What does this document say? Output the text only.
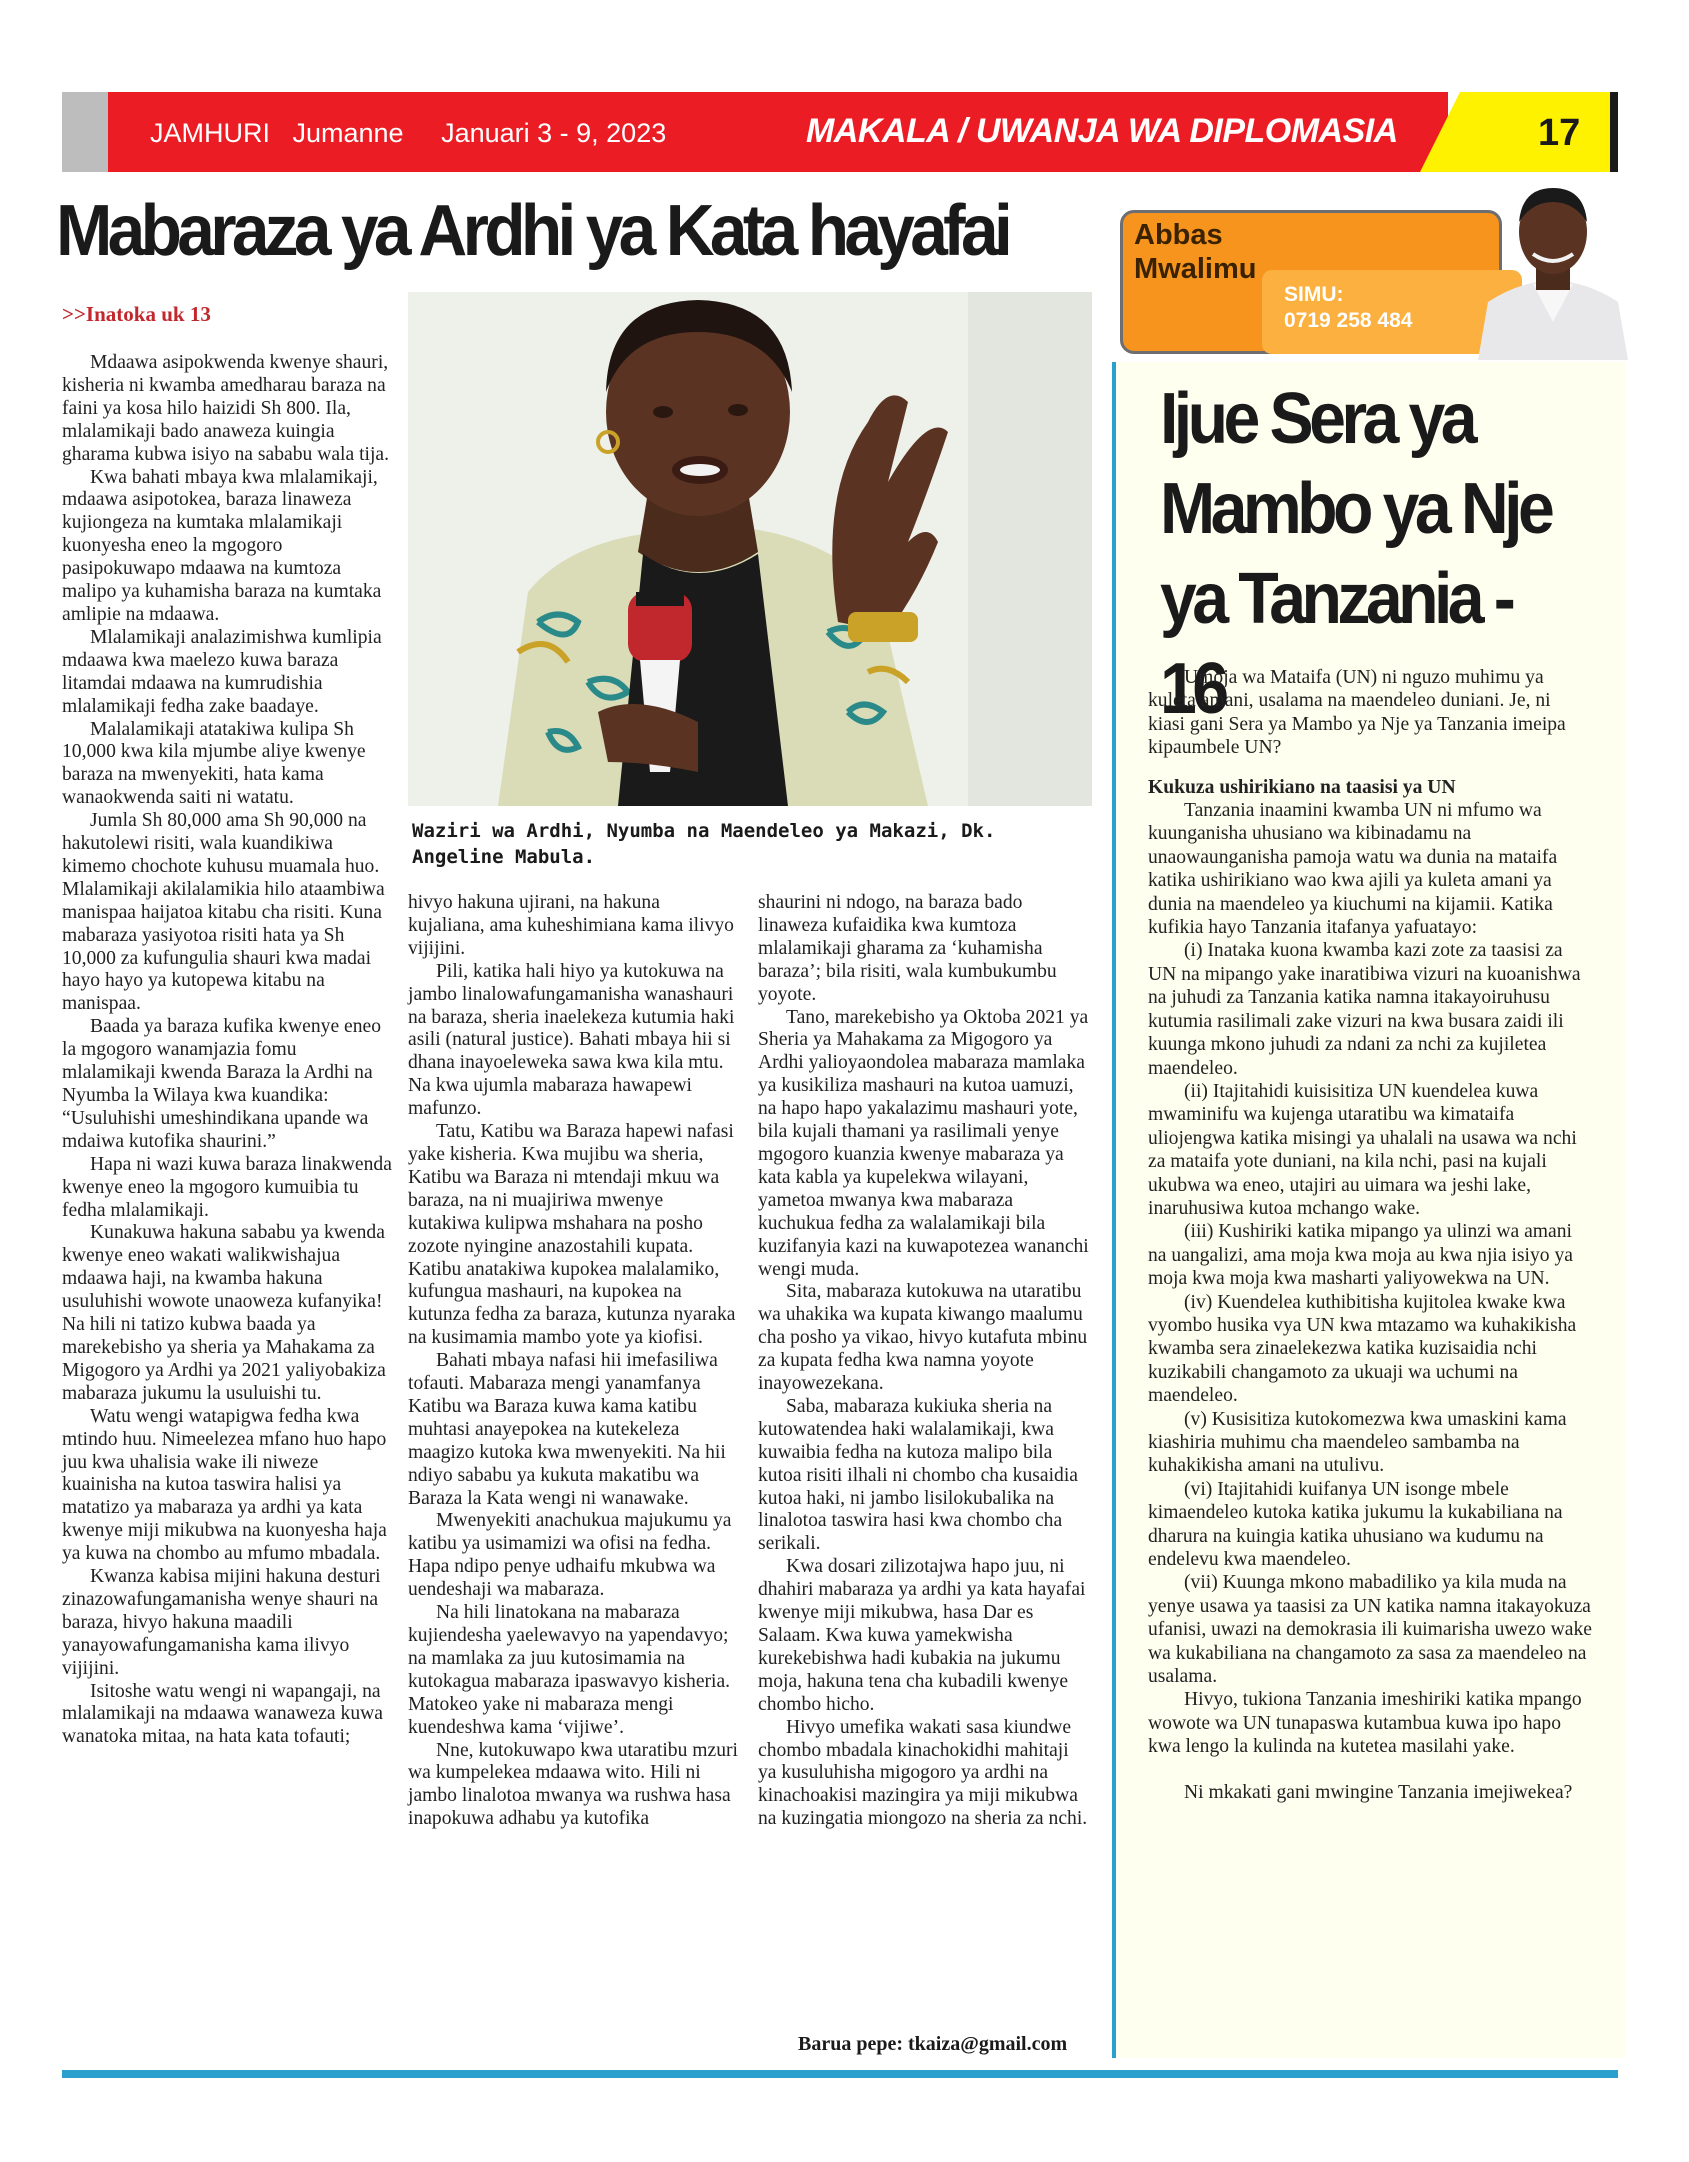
JAMHURI   Jumanne     Januari 3 - 9, 2023	MAKALA / UWANJA WA DIPLOMASIA	17
Mabaraza ya Ardhi ya Kata hayafai
>>Inatoka uk 13
Waziri wa Ardhi, Nyumba na Maendeleo ya Makazi, Dk. Angeline Mabula.

Mdaawa asipokwenda kwenye shauri, kisheria ni kwamba amedharau baraza na faini ya kosa hilo haizidi Sh 800. Ila, mlalamikaji bado anaweza kuingia gharama kubwa isiyo na sababu wala tija.

Kwa bahati mbaya kwa mlalamikaji, mdaawa asipotokea, baraza linaweza kujiongeza na kumtaka mlalamikaji kuonyesha eneo la mgogoro pasipokuwapo mdaawa na kumtoza malipo ya kuhamisha baraza na kumtaka amlipie na mdaawa.

Mlalamikaji analazimishwa kumlipia mdaawa kwa maelezo kuwa baraza litamdai mdaawa na kumrudishia mlalamikaji fedha zake baadaye.

Malalamikaji atatakiwa kulipa Sh 10,000 kwa kila mjumbe aliye kwenye baraza na mwenyekiti, hata kama wanaokwenda saiti ni watatu.

Jumla Sh 80,000 ama Sh 90,000 na hakutolewi risiti, wala kuandikiwa kimemo chochote kuhusu muamala huo. Mlalamikaji akilalamikia hilo ataambiwa manispaa haijatoa kitabu cha risiti. Kuna mabaraza yasiyotoa risiti hata ya Sh 10,000 za kufungulia shauri kwa madai hayo hayo ya kutopewa kitabu na manispaa.

Baada ya baraza kufika kwenye eneo la mgogoro wanamjazia fomu mlalamikaji kwenda Baraza la Ardhi na Nyumba la Wilaya kwa kuandika: “Usuluhishi umeshindikana upande wa mdaiwa kutofika shaurini.”

Hapa ni wazi kuwa baraza linakwenda kwenye eneo la mgogoro kumuibia tu fedha mlalamikaji.

Kunakuwa hakuna sababu ya kwenda kwenye eneo wakati walikwishajua mdaawa haji, na kwamba hakuna usuluhishi wowote unaoweza kufanyika! Na hili ni tatizo kubwa baada ya marekebisho ya sheria ya Mahakama za Migogoro ya Ardhi ya 2021 yaliyobakiza mabaraza jukumu la usuluishi tu.

Watu wengi watapigwa fedha kwa mtindo huu. Nimeelezea mfano huo hapo juu kwa uhalisia wake ili niweze kuainisha na kutoa taswira halisi ya matatizo ya mabaraza ya ardhi ya kata kwenye miji mikubwa na kuonyesha haja ya kuwa na chombo au mfumo mbadala.

Kwanza kabisa mijini hakuna desturi zinazowafungamanisha wenye shauri na baraza, hivyo hakuna maadili yanayowafungamanisha kama ilivyo vijijini.

Isitoshe watu wengi ni wapangaji, na mlalamikaji na mdaawa wanaweza kuwa wanatoka mitaa, na hata kata tofauti;

hivyo hakuna ujirani, na hakuna kujaliana, ama kuheshimiana kama ilivyo vijijini.

Pili, katika hali hiyo ya kutokuwa na jambo linalowafungamanisha wanashauri na baraza, sheria inaelekeza kutumia haki asili (natural justice). Bahati mbaya hii si dhana inayoeleweka sawa kwa kila mtu. Na kwa ujumla mabaraza hawapewi mafunzo.

Tatu, Katibu wa Baraza hapewi nafasi yake kisheria. Kwa mujibu wa sheria, Katibu wa Baraza ni mtendaji mkuu wa baraza, na ni muajiriwa mwenye kutakiwa kulipwa mshahara na posho zozote nyingine anazostahili kupata. Katibu anatakiwa kupokea malalamiko, kufungua mashauri, na kupokea na kutunza fedha za baraza, kutunza nyaraka na kusimamia mambo yote ya kiofisi.

Bahati mbaya nafasi hii imefasiliwa tofauti. Mabaraza mengi yanamfanya Katibu wa Baraza kuwa kama katibu muhtasi anayepokea na kutekeleza maagizo kutoka kwa mwenyekiti. Na hii ndiyo sababu ya kukuta makatibu wa Baraza la Kata wengi ni wanawake.

Mwenyekiti anachukua majukumu ya katibu ya usimamizi wa ofisi na fedha. Hapa ndipo penye udhaifu mkubwa wa uendeshaji wa mabaraza.

Na hili linatokana na mabaraza kujiendesha yaelewavyo na yapendavyo; na mamlaka za juu kutosimamia na kutokagua mabaraza ipaswavyo kisheria. Matokeo yake ni mabaraza mengi kuendeshwa kama ‘vijiwe’.

Nne, kutokuwapo kwa utaratibu mzuri wa kumpelekea mdaawa wito. Hili ni jambo linalotoa mwanya wa rushwa hasa inapokuwa adhabu ya kutofika

shaurini ni ndogo, na baraza bado linaweza kufaidika kwa kumtoza mlalamikaji gharama za ‘kuhamisha baraza’; bila risiti, wala kumbukumbu yoyote.

Tano, marekebisho ya Oktoba 2021 ya Sheria ya Mahakama za Migogoro ya Ardhi yalioyaondolea mabaraza mamlaka ya kusikiliza mashauri na kutoa uamuzi, na hapo hapo yakalazimu mashauri yote, bila kujali thamani ya rasilimali yenye mgogoro kuanzia kwenye mabaraza ya kata kabla ya kupelekwa wilayani, yametoa mwanya kwa mabaraza kuchukua fedha za walalamikaji bila kuzifanyia kazi na kuwapotezea wananchi wengi muda.

Sita, mabaraza kutokuwa na utaratibu wa uhakika wa kupata kiwango maalumu cha posho ya vikao, hivyo kutafuta mbinu za kupata fedha kwa namna yoyote inayowezekana.

Saba, mabaraza kukiuka sheria na kutowatendea haki walalamikaji, kwa kuwaibia fedha na kutoza malipo bila kutoa risiti ilhali ni chombo cha kusaidia kutoa haki, ni jambo lisilokubalika na linalotoa taswira hasi kwa chombo cha serikali.

Kwa dosari zilizotajwa hapo juu, ni dhahiri mabaraza ya ardhi ya kata hayafai kwenye miji mikubwa, hasa Dar es Salaam. Kwa kuwa yamekwisha kurekebishwa hadi kubakia na jukumu moja, hakuna tena cha kubadili kwenye chombo hicho.

Hivyo umefika wakati sasa kiundwe chombo mbadala kinachokidhi mahitaji ya kusuluhisha migogoro ya ardhi na kinachoakisi mazingira ya miji mikubwa na kuzingatia miongozo na sheria za nchi.

Barua pepe: tkaiza@gmail.com
Abbas
Mwalimu
SIMU:
0719 258 484
Ijue Sera ya
Mambo ya Nje
ya Tanzania - 16

Umoja wa Mataifa (UN) ni nguzo muhimu ya kuleta amani, usalama na maendeleo duniani. Je, ni kiasi gani Sera ya Mambo ya Nje ya Tanzania imeipa kipaumbele UN?

Kukuza ushirikiano na taasisi ya UN

Tanzania inaamini kwamba UN ni mfumo wa kuunganisha uhusiano wa kibinadamu na unaowaunganisha pamoja watu wa dunia na mataifa katika ushirikiano wao kwa ajili ya kuleta amani ya dunia na maendeleo ya kiuchumi na kijamii. Katika kufikia hayo Tanzania itafanya yafuatayo:

(i) Inataka kuona kwamba kazi zote za taasisi za UN na mipango yake inaratibiwa vizuri na kuoanishwa na juhudi za Tanzania katika namna itakayoiruhusu kutumia rasilimali zake vizuri na kwa busara zaidi ili kuunga mkono juhudi za ndani za nchi za kujiletea maendeleo.

(ii) Itajitahidi kuisisitiza UN kuendelea kuwa mwaminifu wa kujenga utaratibu wa kimataifa uliojengwa katika misingi ya uhalali na usawa wa nchi za mataifa yote duniani, na kila nchi, pasi na kujali ukubwa wa eneo, utajiri au uimara wa jeshi lake, inaruhusiwa kutoa mchango wake.

(iii) Kushiriki katika mipango ya ulinzi wa amani na uangalizi, ama moja kwa moja au kwa njia isiyo ya moja kwa moja kwa masharti yaliyowekwa na UN.

(iv) Kuendelea kuthibitisha kujitolea kwake kwa vyombo husika vya UN kwa mtazamo wa kuhakikisha kwamba sera zinaelekezwa katika kuzisaidia nchi kuzikabili changamoto za ukuaji wa uchumi na maendeleo.

(v) Kusisitiza kutokomezwa kwa umaskini kama kiashiria muhimu cha maendeleo sambamba na kuhakikisha amani na utulivu.

(vi) Itajitahidi kuifanya UN isonge mbele kimaendeleo kutoka katika jukumu la kukabiliana na dharura na kuingia katika uhusiano wa kudumu na endelevu kwa maendeleo.

(vii) Kuunga mkono mabadiliko ya kila muda na yenye usawa ya taasisi za UN katika namna itakayokuza ufanisi, uwazi na demokrasia ili kuimarisha uwezo wake wa kukabiliana na changamoto za sasa za maendeleo na usalama.

Hivyo, tukiona Tanzania imeshiriki katika mpango wowote wa UN tunapaswa kutambua kuwa ipo hapo kwa lengo la kulinda na kutetea masilahi yake.

Ni mkakati gani mwingine Tanzania imejiwekea?
